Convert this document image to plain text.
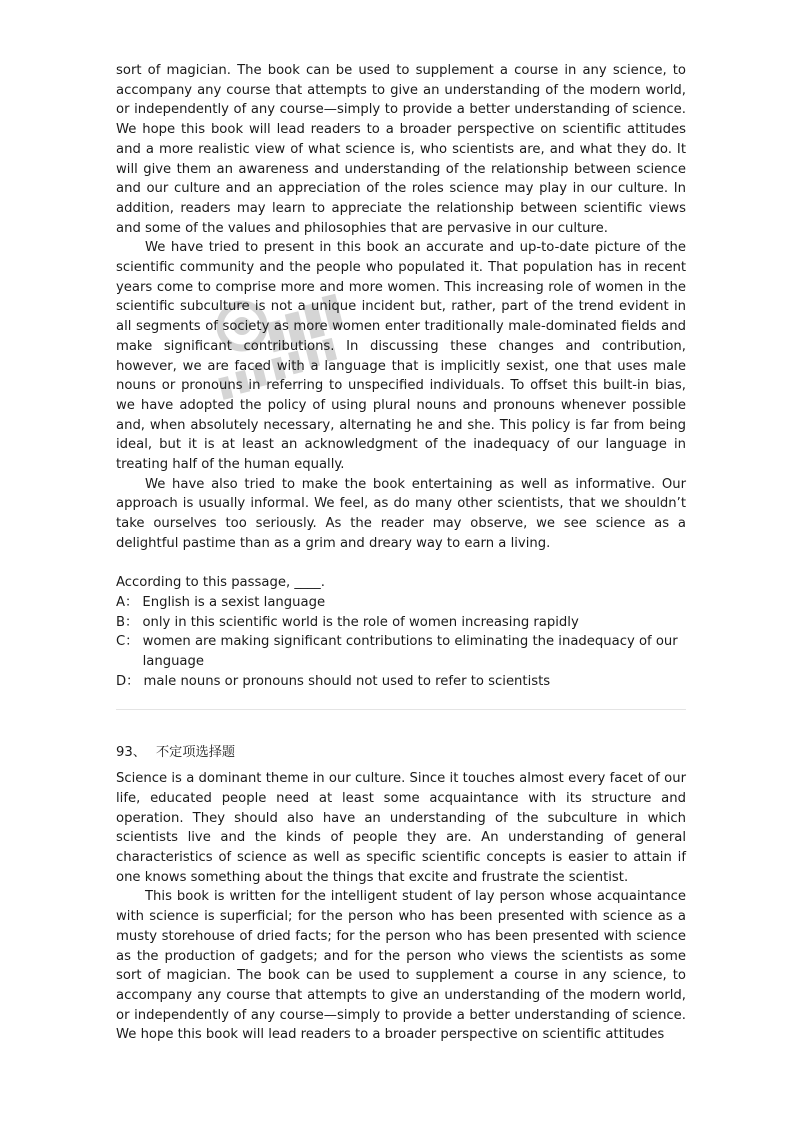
sort of magician. The book can be used to supplement a course in any science, to accompany any course that attempts to give an understanding of the modern world, or independently of any course—simply to provide a better understanding of science. We hope this book will lead readers to a broader perspective on scientific attitudes and a more realistic view of what science is, who scientists are, and what they do. It will give them an awareness and understanding of the relationship between science and our culture and an appreciation of the roles science may play in our culture. In addition, readers may learn to appreciate the relationship between scientific views and some of the values and philosophies that are pervasive in our culture.

We have tried to present in this book an accurate and up-to-date picture of the scientific community and the people who populated it. That population has in recent years come to comprise more and more women. This increasing role of women in the scientific subculture is not a unique incident but, rather, part of the trend evident in all segments of society as more women enter traditionally male-dominated fields and make significant contributions. In discussing these changes and contribution, however, we are faced with a language that is implicitly sexist, one that uses male nouns or pronouns in referring to unspecified individuals. To offset this built-in bias, we have adopted the policy of using plural nouns and pronouns whenever possible and, when absolutely necessary, alternating he and she. This policy is far from being ideal, but it is at least an acknowledgment of the inadequacy of our language in treating half of the human equally.

We have also tried to make the book entertaining as well as informative. Our approach is usually informal. We feel, as do many other scientists, that we shouldn’t take ourselves too seriously. As the reader may observe, we see science as a delightful pastime than as a grim and dreary way to earn a living.

According to this passage, ____.

A： English is a sexist language
B： only in this scientific world is the role of women increasing rapidly
C： women are making significant contributions to eliminating the inadequacy of our language
D： male nouns or pronouns should not used to refer to scientists
93、 不定项选择题

Science is a dominant theme in our culture. Since it touches almost every facet of our life, educated people need at least some acquaintance with its structure and operation. They should also have an understanding of the subculture in which scientists live and the kinds of people they are. An understanding of general characteristics of science as well as specific scientific concepts is easier to attain if one knows something about the things that excite and frustrate the scientist.

This book is written for the intelligent student of lay person whose acquaintance with science is superficial; for the person who has been presented with science as a musty storehouse of dried facts; for the person who has been presented with science as the production of gadgets; and for the person who views the scientists as some sort of magician. The book can be used to supplement a course in any science, to accompany any course that attempts to give an understanding of the modern world, or independently of any course—simply to provide a better understanding of science. We hope this book will lead readers to a broader perspective on scientific attitudes
